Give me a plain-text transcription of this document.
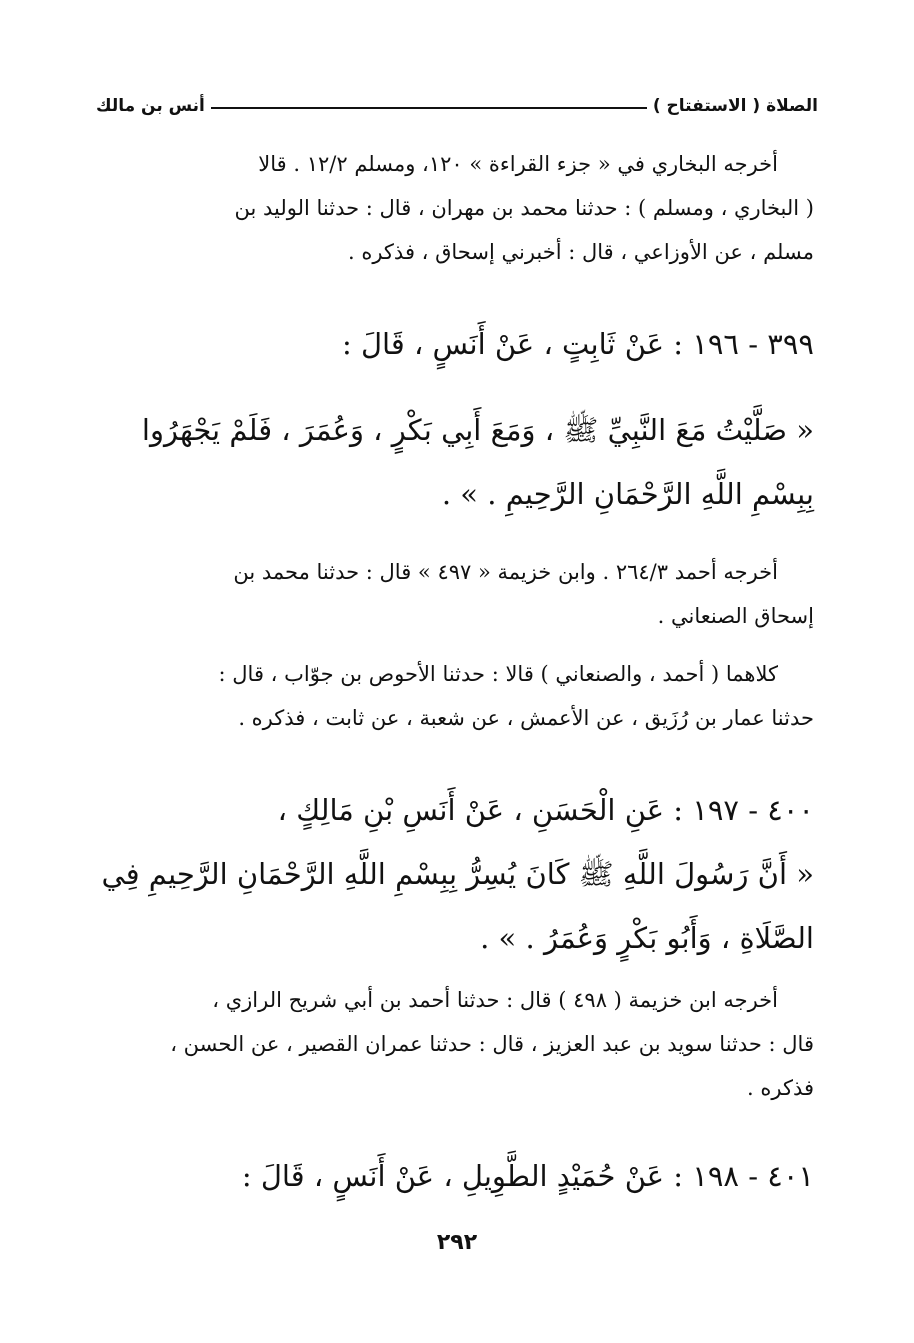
الصلاة ( الاستفتاح )
أنس بن مالك
أخرجه البخاري في « جزء القراءة » ١٢٠، ومسلم ١٢/٢ . قالا
( البخاري ، ومسلم ) : حدثنا محمد بن مهران ، قال : حدثنا الوليد بن
مسلم ، عن الأوزاعي ، قال : أخبرني إسحاق ، فذكره .
٣٩٩ - ١٩٦ : عَنْ ثَابِتٍ ، عَنْ أَنَسٍ ، قَالَ :
« صَلَّيْتُ مَعَ النَّبِيِّ ﷺ ، وَمَعَ أَبِي بَكْرٍ ، وَعُمَرَ ، فَلَمْ يَجْهَرُوا
بِبِسْمِ اللَّهِ الرَّحْمَانِ الرَّحِيمِ . » .
أخرجه أحمد ٢٦٤/٣ . وابن خزيمة « ٤٩٧ » قال : حدثنا محمد بن
إسحاق الصنعاني .
كلاهما ( أحمد ، والصنعاني ) قالا : حدثنا الأحوص بن جوّاب ، قال :
حدثنا عمار بن رُزَيق ، عن الأعمش ، عن شعبة ، عن ثابت ، فذكره .
٤٠٠ - ١٩٧ : عَنِ الْحَسَنِ ، عَنْ أَنَسِ بْنِ مَالِكٍ ،
« أَنَّ رَسُولَ اللَّهِ ﷺ كَانَ يُسِرُّ بِبِسْمِ اللَّهِ الرَّحْمَانِ الرَّحِيمِ فِي
الصَّلَاةِ ، وَأَبُو بَكْرٍ وَعُمَرُ . » .
أخرجه ابن خزيمة ( ٤٩٨ ) قال : حدثنا أحمد بن أبي شريح الرازي ،
قال : حدثنا سويد بن عبد العزيز ، قال : حدثنا عمران القصير ، عن الحسن ،
فذكره .
٤٠١ - ١٩٨ : عَنْ حُمَيْدٍ الطَّوِيلِ ، عَنْ أَنَسٍ ، قَالَ :
٢٩٢
